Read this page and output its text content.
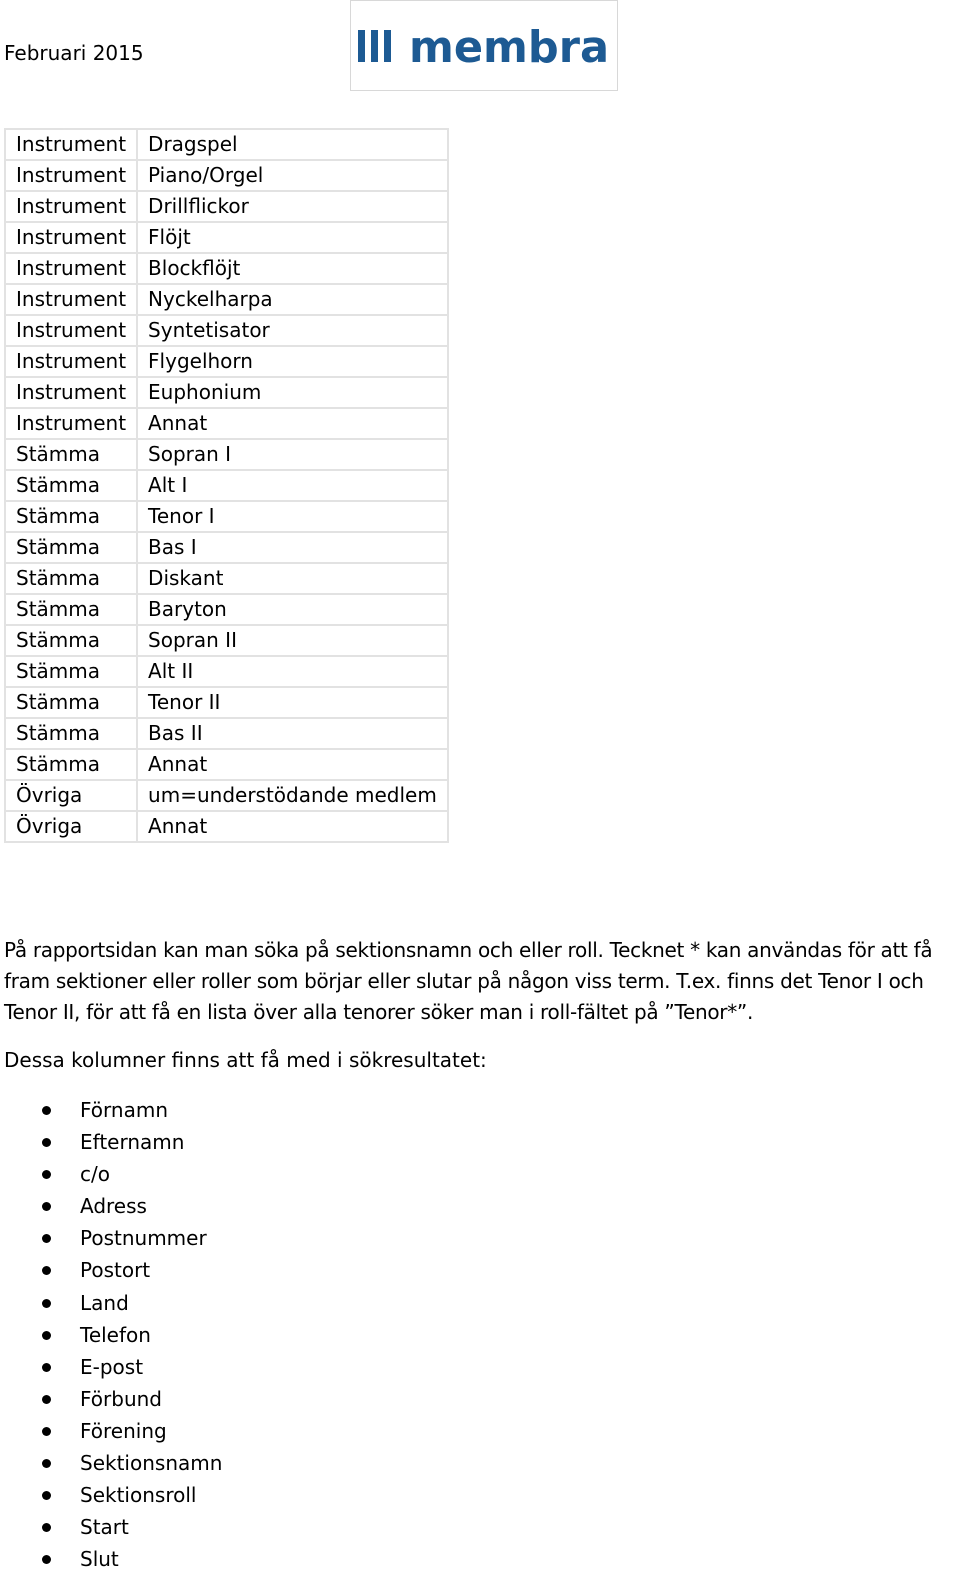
Februari 2015	membra
Instrument	Dragspel
Instrument	Piano/Orgel
Instrument	Drillflickor
Instrument	Flöjt
Instrument	Blockflöjt
Instrument	Nyckelharpa
Instrument	Syntetisator
Instrument	Flygelhorn
Instrument	Euphonium
Instrument	Annat
Stämma	Sopran I
Stämma	Alt I
Stämma	Tenor I
Stämma	Bas I
Stämma	Diskant
Stämma	Baryton
Stämma	Sopran II
Stämma	Alt II
Stämma	Tenor II
Stämma	Bas II
Stämma	Annat
Övriga	um=understödande medlem
Övriga	Annat

På rapportsidan kan man söka på sektionsnamn och eller roll. Tecknet * kan användas för att få fram sektioner eller roller som börjar eller slutar på någon viss term. T.ex. finns det Tenor I och Tenor II, för att få en lista över alla tenorer söker man i roll-fältet på ”Tenor*”.

Dessa kolumner finns att få med i sökresultatet:

Förnamn
Efternamn
c/o
Adress
Postnummer
Postort
Land
Telefon
E-post
Förbund
Förening
Sektionsnamn
Sektionsroll
Start
Slut
